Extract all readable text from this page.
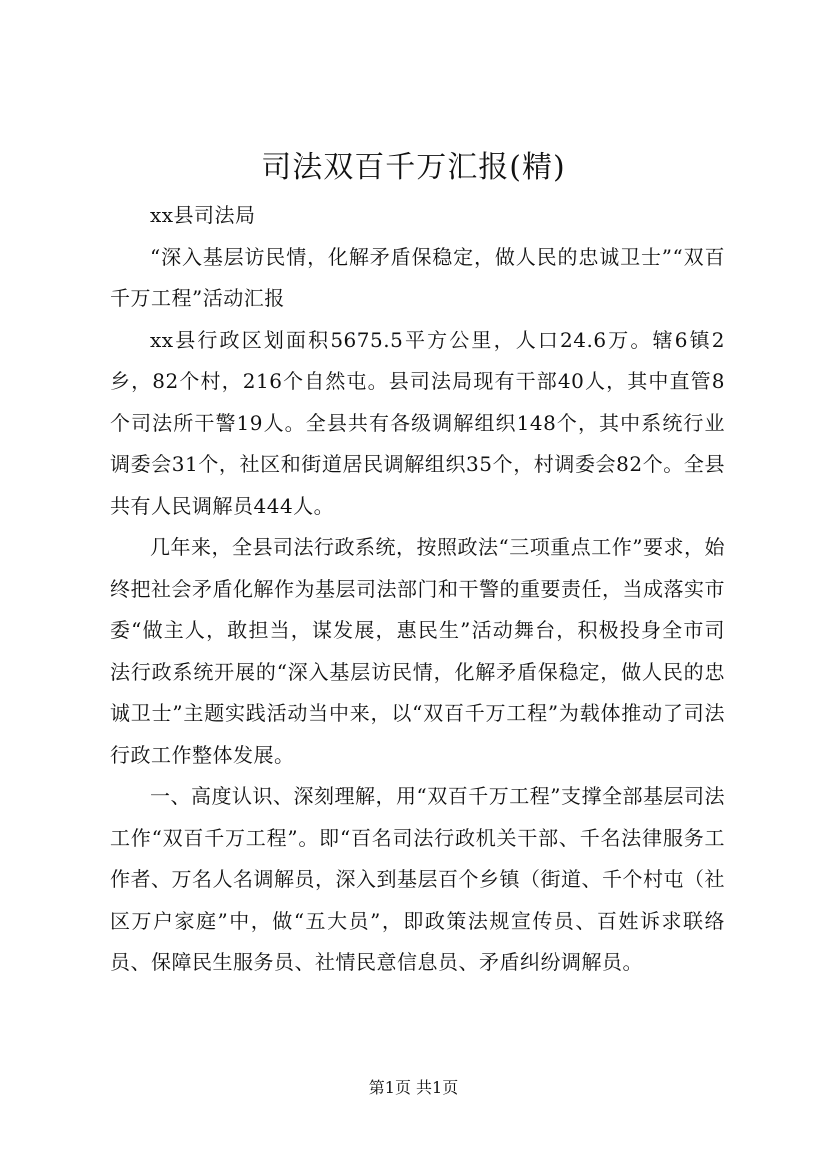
司法双百千万汇报(精)

xx县司法局

“深入基层访民情，化解矛盾保稳定，做人民的忠诚卫士”“双百千万工程”活动汇报

xx县行政区划面积5675.5平方公里，人口24.6万。辖6镇2乡，82个村，216个自然屯。县司法局现有干部40人，其中直管8个司法所干警19人。全县共有各级调解组织148个，其中系统行业调委会31个，社区和街道居民调解组织35个，村调委会82个。全县共有人民调解员444人。

几年来，全县司法行政系统，按照政法“三项重点工作”要求，始终把社会矛盾化解作为基层司法部门和干警的重要责任，当成落实市委“做主人，敢担当，谋发展，惠民生”活动舞台，积极投身全市司法行政系统开展的“深入基层访民情，化解矛盾保稳定，做人民的忠诚卫士”主题实践活动当中来，以“双百千万工程”为载体推动了司法行政工作整体发展。

一、高度认识、深刻理解，用“双百千万工程”支撑全部基层司法工作“双百千万工程”。即“百名司法行政机关干部、千名法律服务工作者、万名人名调解员，深入到基层百个乡镇（街道、千个村屯（社区万户家庭”中，做“五大员”，即政策法规宣传员、百姓诉求联络员、保障民生服务员、社情民意信息员、矛盾纠纷调解员。

第1页 共1页
